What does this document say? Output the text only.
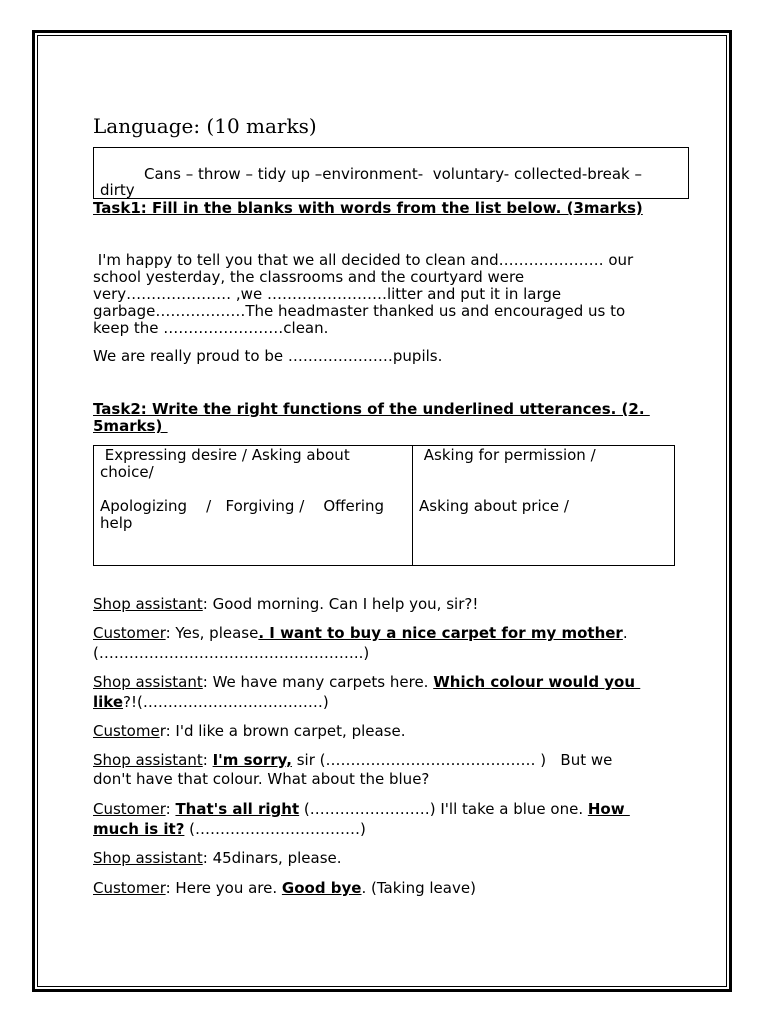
Language: (10 marks)

Cans – throw – tidy up –environment-  voluntary- collected-break –
dirty

Task1: Fill in the blanks with words from the list below. (3marks)

I'm happy to tell you that we all decided to clean and………………… our
school yesterday, the classrooms and the courtyard were
very………………… ,we ……………………litter and put it in large
garbage………………The headmaster thanked us and encouraged us to
keep the ……………………clean.

We are really proud to be …………………pupils.

Task2: Write the right functions of the underlined utterances. (2.

5marks)

Expressing desire / Asking about
choice/
Apologizing    /   Forgiving /    Offering
help
Asking for permission /
Asking about price /

Shop assistant: Good morning. Can I help you, sir?!

Customer: Yes, please. I want to buy a nice carpet for my mother.

(……………………………………………..)

Shop assistant: We have many carpets here. Which colour would you

like?!(………………………………)

Customer: I'd like a brown carpet, please.

Shop assistant: I'm sorry, sir (…………………………………… )   But we

don't have that colour. What about the blue?

Customer: That's all right (……………………) I'll take a blue one. How

much is it? (……………………………)

Shop assistant: 45dinars, please.

Customer: Here you are. Good bye. (Taking leave)
